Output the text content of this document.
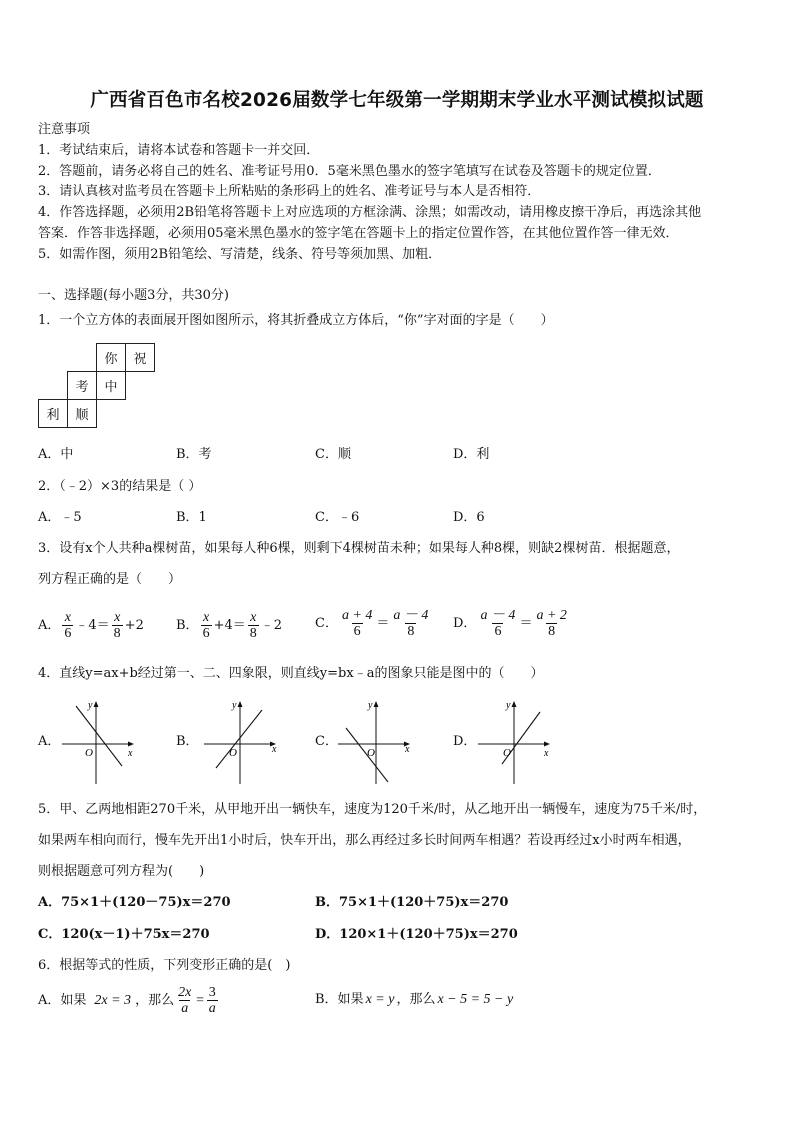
广西省百色市名校2026届数学七年级第一学期期末学业水平测试模拟试题
注意事项
1．考试结束后，请将本试卷和答题卡一并交回．
2．答题前，请务必将自己的姓名、准考证号用0．5毫米黑色墨水的签字笔填写在试卷及答题卡的规定位置．
3．请认真核对监考员在答题卡上所粘贴的条形码上的姓名、准考证号与本人是否相符．
4．作答选择题，必须用2B铅笔将答题卡上对应选项的方框涂满、涂黑；如需改动，请用橡皮擦干净后，再选涂其他
答案．作答非选择题，必须用05毫米黑色墨水的签字笔在答题卡上的指定位置作答，在其他位置作答一律无效．
5．如需作图，须用2B铅笔绘、写清楚，线条、符号等须加黑、加粗．
一、选择题(每小题3分，共30分)
1．一个立方体的表面展开图如图所示，将其折叠成立方体后，“你”字对面的字是（　　）
		你	祝
	考	中	
利	顺		
A．中	B．考	C．顺	D．利
2．（﹣2）×3的结果是（ ）
A．﹣5	B．1	C．﹣6	D．6
3．设有x个人共种a棵树苗，如果每人种6棵，则剩下4棵树苗未种；如果每人种8棵，则缺2棵树苗．根据题意，
列方程正确的是（　　）
A． $\frac{x}{6}$ ﹣4＝ $\frac{x}{8} +2$ B． $\frac{x}{6} +4= \frac{x}{8}$ ﹣2	C． $\frac{a + 4}{6} = \frac{a - 4}{8}$ D． $\frac{a - 4}{6} = \frac{a + 2}{8}$
4．直线y=ax+b经过第一、二、四象限，则直线y=bx﹣a的图象只能是图中的（　　）
A．
O	x
y
B．
O	x
y
C．
O	x
y
D．
O	x
y
5．甲、乙两地相距270千米，从甲地开出一辆快车，速度为120千米/时，从乙地开出一辆慢车，速度为75千米/时，
如果两车相向而行，慢车先开出1小时后，快车开出，那么再经过多长时间两车相遇？若设再经过x小时两车相遇，
则根据题意可列方程为(　　)
A．75×1＋(120－75)x＝270	B．75×1＋(120＋75)x＝270
C．120(x－1)＋75x＝270	D．120×1＋(120＋75)x＝270
6．根据等式的性质，下列变形正确的是(　)
A．如果 2x = 3 ，那么 $\frac{2x}{a} = \frac{3}{a}$	B．如果 x = y ，那么 x − 5 = 5 − y
